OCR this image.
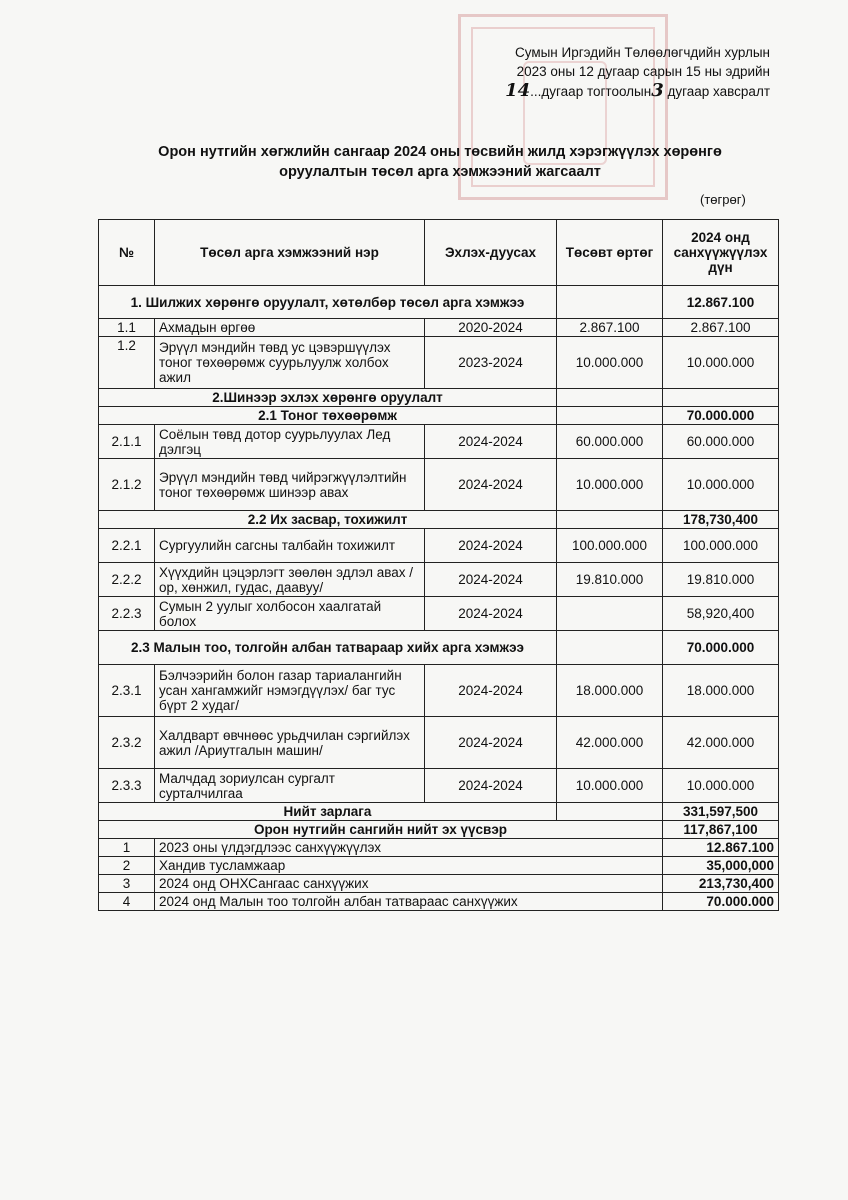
Сумын Иргэдийн Төлөөлөгчдийн хурлын
2023 оны 12 дугаар сарын 15 ны эдрийн
14...дугаар тогтоолын3 дугаар хавсралт
Орон нутгийн хөгжлийн сангаар 2024 оны төсвийн жилд хэрэгжүүлэх хөрөнгө
оруулалтын төсөл арга хэмжээний жагсаалт
(төгрөг)
№	Төсөл арга хэмжээний нэр	Эхлэх-дуусах	Төсөвт өртөг	2024 онд санхүүжүүлэх дүн
1. Шилжих хөрөнгө оруулалт, хөтөлбөр төсөл арга хэмжээ				12.867.100
1.1	Ахмадын өргөө	2020-2024	2.867.100	2.867.100
1.2	Эрүүл мэндийн төвд ус цэвэршүүлэх тоног төхөөрөмж суурьлуулж холбох ажил	2023-2024	10.000.000	10.000.000
2.Шинээр эхлэх хөрөнгө оруулалт				
2.1 Тоног төхөөрөмж				70.000.000
2.1.1	Соёлын төвд дотор суурьлуулах Лед дэлгэц	2024-2024	60.000.000	60.000.000
2.1.2	Эрүүл мэндийн төвд чийрэгжүүлэлтийн тоног төхөөрөмж шинээр авах	2024-2024	10.000.000	10.000.000
2.2 Их засвар, тохижилт				178,730,400
2.2.1	Сургуулийн сагсны талбайн тохижилт	2024-2024	100.000.000	100.000.000
2.2.2	Хүүхдийн цэцэрлэгт зөөлөн эдлэл авах /ор, хөнжил, гудас, даавуу/	2024-2024	19.810.000	19.810.000
2.2.3	Сумын 2 уулыг холбосон хаалгатай болох	2024-2024		58,920,400
2.3 Малын тоо, толгойн албан татвараар хийх арга хэмжээ				70.000.000
2.3.1	Бэлчээрийн болон газар тариалангийн усан хангамжийг нэмэгдүүлэх/ баг тус бүрт 2 худаг/	2024-2024	18.000.000	18.000.000
2.3.2	Халдварт өвчнөөс урьдчилан сэргийлэх ажил /Ариутгалын машин/	2024-2024	42.000.000	42.000.000
2.3.3	Малчдад зориулсан сургалт сурталчилгаа	2024-2024	10.000.000	10.000.000
Нийт зарлага				331,597,500
Орон нутгийн сангийн нийт эх үүсвэр				117,867,100
1	2023 оны үлдэгдлээс санхүүжүүлэх			12.867.100
2	Хандив тусламжаар			35,000,000
3	2024 онд ОНХСангаас санхүүжих			213,730,400
4	2024 онд Малын тоо толгойн албан татвараас санхүүжих			70.000.000
